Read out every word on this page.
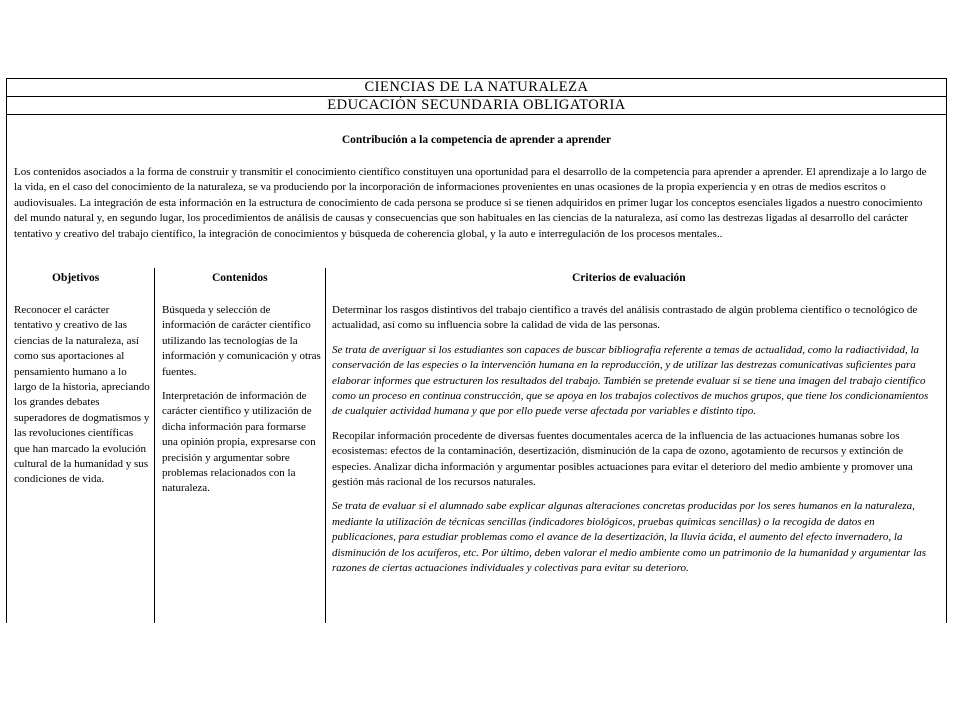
CIENCIAS DE LA NATURALEZA
EDUCACIÓN SECUNDARIA OBLIGATORIA
Contribución a la competencia de aprender a aprender

Los contenidos asociados a la forma de construir y transmitir el conocimiento científico constituyen una oportunidad para el desarrollo de la competencia para aprender a aprender. El aprendizaje a lo largo de la vida, en el caso del conocimiento de la naturaleza, se va produciendo por la incorporación de informaciones provenientes en unas ocasiones de la propia experiencia y en otras de medios escritos o audiovisuales. La integración de esta información en la estructura de conocimiento de cada persona se produce si se tienen adquiridos en primer lugar los conceptos esenciales ligados a nuestro conocimiento del mundo natural y, en segundo lugar, los procedimientos de análisis de causas y consecuencias que son habituales en las ciencias de la naturaleza, así como las destrezas ligadas al desarrollo del carácter tentativo y creativo del trabajo científico, la integración de conocimientos y búsqueda de coherencia global, y la auto e interregulación de los procesos mentales..

Objetivos	Contenidos	Criterios de evaluación

Reconocer el carácter tentativo y creativo de las ciencias de la naturaleza, así como sus aportaciones al pensamiento humano a lo largo de la historia, apreciando los grandes debates superadores de dogmatismos y las revoluciones científicas que han marcado la evolución cultural de la humanidad y sus condiciones de vida.

Búsqueda y selección de información de carácter científico utilizando las tecnologías de la información y comunicación y otras fuentes.

Interpretación de información de carácter científico y utilización de dicha información para formarse una opinión propia, expresarse con precisión y argumentar sobre problemas relacionados con la naturaleza.

Determinar los rasgos distintivos del trabajo científico a través del análisis contrastado de algún problema científico o tecnológico de actualidad, así como su influencia sobre la calidad de vida de las personas.

Se trata de averiguar si los estudiantes son capaces de buscar bibliografía referente a temas de actualidad, como la radiactividad, la conservación de las especies o la intervención humana en la reproducción, y de utilizar las destrezas comunicativas suficientes para elaborar informes que estructuren los resultados del trabajo. También se pretende evaluar si se tiene una imagen del trabajo científico como un proceso en continua construcción, que se apoya en los trabajos colectivos de muchos grupos, que tiene los condicionamientos de cualquier actividad humana y que por ello puede verse afectada por variables e distinto tipo.

Recopilar información procedente de diversas fuentes documentales acerca de la influencia de las actuaciones humanas sobre los ecosistemas: efectos de la contaminación, desertización, disminución de la capa de ozono, agotamiento de recursos y extinción de especies. Analizar dicha información y argumentar posibles actuaciones para evitar el deterioro del medio ambiente y promover una gestión más racional de los recursos naturales.

Se trata de evaluar si el alumnado sabe explicar algunas alteraciones concretas producidas por los seres humanos en la naturaleza, mediante la utilización de técnicas sencillas (indicadores biológicos, pruebas químicas sencillas) o la recogida de datos en publicaciones, para estudiar problemas como el avance de la desertización, la lluvia ácida, el aumento del efecto invernadero, la disminución de los acuíferos, etc. Por último, deben valorar el medio ambiente como un patrimonio de la humanidad y argumentar las razones de ciertas actuaciones individuales y colectivas para evitar su deterioro.
